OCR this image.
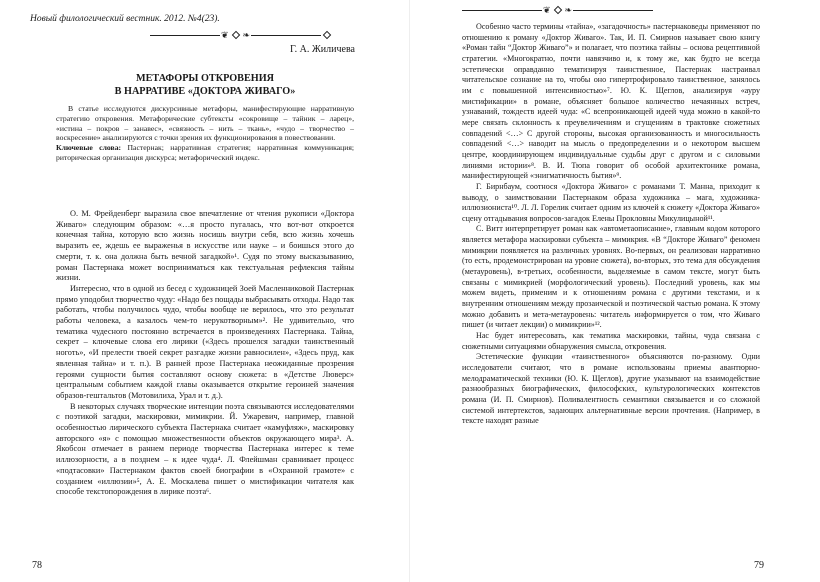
Новый филологический вестник. 2012. №4(23).
❦ ❧
Г. А. Жиличева
МЕТАФОРЫ ОТКРОВЕНИЯ
В НАРРАТИВЕ «ДОКТОРА ЖИВАГО»

В статье исследуются дискурсивные метафоры, манифестирующие нарративную стратегию откровения. Метафорические субтексты «сокровище – тайник – ларец», «истина – покров – занавес», «связность – нить – ткань», «чудо – творчество – воскресение» анализируются с точки зрения их функционирования в повествовании.

Ключевые слова: Пастернак; нарративная стратегия; нарративная коммуникация; риторическая организация дискурса; метафорический индекс.

О. М. Фрейденберг выразила свое впечатление от чтения рукописи «Доктора Живаго» следующим образом: «…я просто пугалась, что вот-вот откроется конечная тайна, которую всю жизнь носишь внутри себя, всю жизнь хочешь выразить ее, ждешь ее выраженья в искусстве или науке – и боишься этого до смерти, т. к. она должна быть вечной загадкой»¹. Судя по этому высказыванию, роман Пастернака может восприниматься как текстуальная рефлексия тайны жизни.

Интересно, что в одной из бесед с художницей Зоей Масленниковой Пастернак прямо уподобил творчество чуду: «Надо без пощады выбрасывать отходы. Надо так работать, чтобы получилось чудо, чтобы вообще не верилось, что это результат работы человека, а казалось чем-то нерукотворным»². Не удивительно, что тематика чудесного постоянно встречается в произведениях Пастернака. Тайна, секрет – ключевые слова его лирики («Здесь прошелся загадки таинственный ноготь», «И прелести твоей секрет разгадке жизни равносилен», «Здесь пруд, как явленная тайна» и т. п.). В ранней прозе Пастернака неожиданные прозрения героями сущности бытия составляют основу сюжета: в «Детстве Люверс» центральным событием каждой главы оказывается открытие героиней значения образов-гештальтов (Мотовилиха, Урал и т. д.).

В некоторых случаях творческие интенции поэта связываются исследователями с поэтикой загадки, маскировки, мимикрии. Й. Ужаревич, например, главной особенностью лирического субъекта Пастернака считает «камуфляж», маскировку авторского «я» с помощью множественности объектов окружающего мира³. А. Якобсон отмечает в раннем периоде творчества Пастернака интерес к теме иллюзорности, а в позднем – к идее чуда⁴. Л. Флейшман сравнивает процесс «подтасовки» Пастернаком фактов своей биографии в «Охранной грамоте» с созданием «иллюзии»⁵, А. Е. Москалева пишет о мистификации читателя как способе текстопорождения в лирике поэта⁶.

78
❦ ❧

Особенно часто термины «тайна», «загадочность» пастернаковеды применяют по отношению к роману «Доктор Живаго». Так, И. П. Смирнов называет свою книгу «Роман тайн “Доктор Живаго”» и полагает, что поэтика тайны – основа рецептивной стратегии. «Многократно, почти навязчиво и, к тому же, как будто не всегда эстетически оправданно тематизируя таинственное, Пастернак настраивал читательское сознание на то, чтобы оно гипертрофировало таинственное, занялось им с повышенной интенсивностью»⁷. Ю. К. Щеглов, анализируя «ауру мистификации» в романе, объясняет большое количество нечаянных встреч, узнаваний, тождеств идеей чуда: «С всепроникающей идеей чуда можно в какой-то мере связать склонность к преувеличениям и сгущениям в трактовке сюжетных совпадений <…> С другой стороны, высокая организованность и многосильность совпадений <…> наводит на мысль о предопределении и о некотором высшем центре, координирующем индивидуальные судьбы друг с другом и с силовыми линиями истории»⁸. В. И. Тюпа говорит об особой архитектонике романа, манифестирующей «энигматичность бытия»⁹.

Г. Бирнбаум, соотнося «Доктора Живаго» с романами Т. Манна, приходит к выводу, о заимствовании Пастернаком образа художника – мага, художника-иллюзиониста¹⁰. Л. Л. Горелик считает одним из ключей к сюжету «Доктора Живаго» сцену отгадывания вопросов-загадок Елены Прокловны Микулицыной¹¹.

С. Витт интерпретирует роман как «автометаописание», главным кодом которого является метафора маскировки субъекта – мимикрия. «В “Докторе Живаго” феномен мимикрии появляется на различных уровнях. Во-первых, он реализован нарративно (то есть, продемонстрирован на уровне сюжета), во-вторых, это тема для обсуждения (метауровень), в-третьих, особенности, выделяемые в самом тексте, могут быть связаны с мимикрией (морфологический уровень). Последний уровень, как мы можем видеть, применим и к отношениям романа с другими текстами, и к внутренним отношениям между прозаической и поэтической частью романа. К этому можно добавить и мета-метауровень: читатель информируется о том, что Живаго пишет (и читает лекции) о мимикрии»¹².

Нас будет интересовать, как тематика маскировки, тайны, чуда связана с сюжетными ситуациями обнаружения смысла, откровения.

Эстетические функции «таинственного» объясняются по-разному. Одни исследователи считают, что в романе использованы приемы авантюрно-мелодраматической техники (Ю. К. Щеглов), другие указывают на взаимодействие разнообразных биографических, философских, культурологических контекстов романа (И. П. Смирнов). Поливалентность семантики связывается и со сложной системой интертекстов, задающих альтернативные версии прочтения. (Например, в тексте находят разные

79
